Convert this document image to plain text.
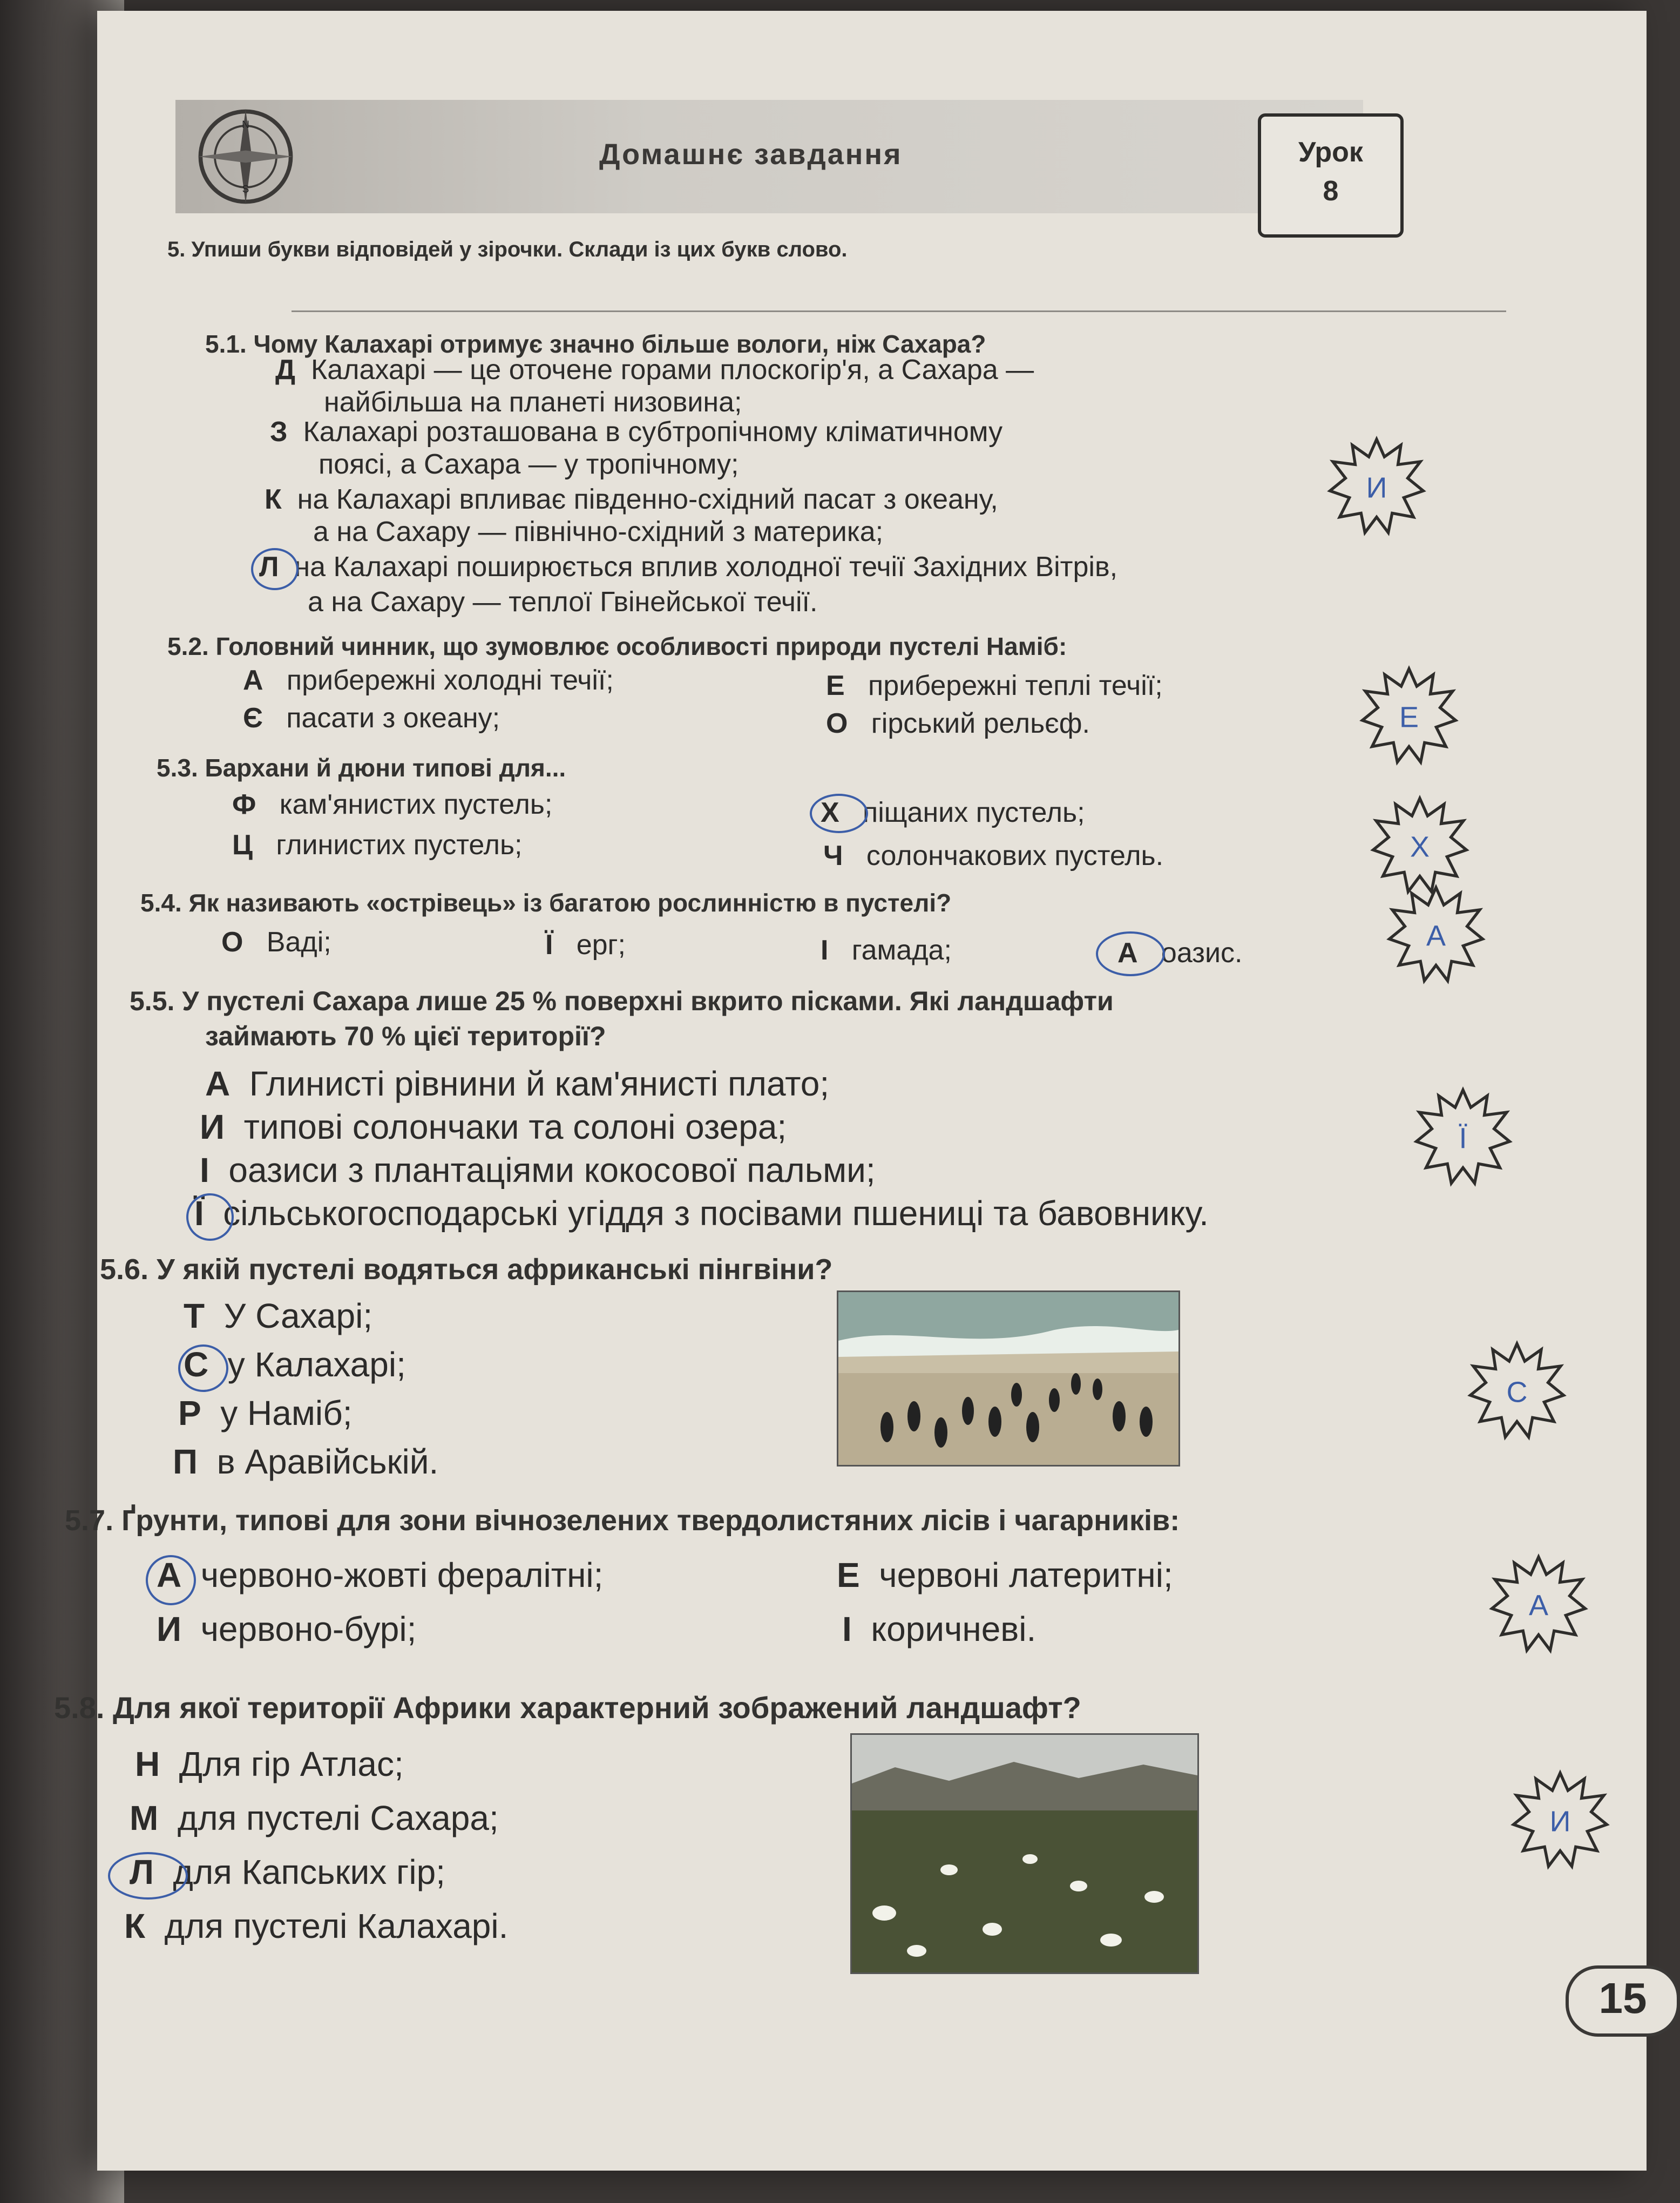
N
S
Домашнє завдання	Урок
8
5. Упиши букви відповідей у зірочки. Склади із цих букв слово.
5.1. Чому Калахарі отримує значно більше вологи, ніж Сахара?
Д Калахарі — це оточене горами плоскогір'я, а Сахара —
найбільша на планеті низовина;
З Калахарі розташована в субтропічному кліматичному
поясі, а Сахара — у тропічному;
К на Калахарі впливає південно-східний пасат з океану,
а на Сахару — північно-східний з материка;
Л на Калахарі поширюється вплив холодної течії Західних Вітрів,
а на Сахару — теплої Гвінейської течії.
5.2. Головний чинник, що зумовлює особливості природи пустелі Наміб:
А прибережні холодні течії;	Е прибережні теплі течії;
Є пасати з океану;	О гірський рельєф.
5.3. Бархани й дюни типові для...
Ф кам'янистих пустель;	Х піщаних пустель;
Ц глинистих пустель;	Ч солончакових пустель.
5.4. Як називають «острівець» із багатою рослинністю в пустелі?
О Ваді;	Ї ерг;	І гамада;	А оазис.
5.5. У пустелі Сахара лише 25 % поверхні вкрито пісками. Які ландшафти
займають 70 % цієї території?
А Глинисті рівнини й кам'янисті плато;
И типові солончаки та солоні озера;
І оазиси з плантаціями кокосової пальми;
Ї сільськогосподарські угіддя з посівами пшениці та бавовнику.
5.6. У якій пустелі водяться африканські пінгвіни?
Т У Сахарі;
С у Калахарі;
Р у Наміб;
П в Аравійській.
5.7. Ґрунти, типові для зони вічнозелених твердолистяних лісів і чагарників:
А червоно-жовті фералітні;	Е червоні латеритні;
И червоно-бурі;	І коричневі.
5.8. Для якої території Африки характерний зображений ландшафт?
Н Для гір Атлас;
М для пустелі Сахара;
Л для Капських гір;
К для пустелі Калахарі.
И
Е
Х
А
Ї
С
А
И
15
